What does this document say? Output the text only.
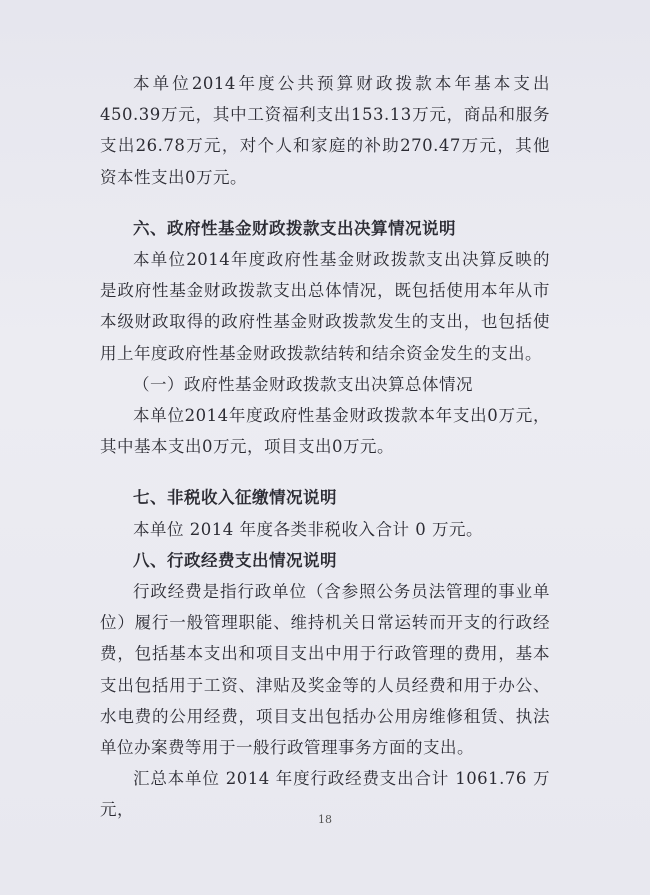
本单位2014年度公共预算财政拨款本年基本支出450.39万元，其中工资福利支出153.13万元，商品和服务支出26.78万元，对个人和家庭的补助270.47万元，其他资本性支出0万元。

六、政府性基金财政拨款支出决算情况说明

本单位2014年度政府性基金财政拨款支出决算反映的是政府性基金财政拨款支出总体情况，既包括使用本年从市本级财政取得的政府性基金财政拨款发生的支出，也包括使用上年度政府性基金财政拨款结转和结余资金发生的支出。

（一）政府性基金财政拨款支出决算总体情况

本单位2014年度政府性基金财政拨款本年支出0万元，其中基本支出0万元，项目支出0万元。

七、非税收入征缴情况说明

本单位 2014 年度各类非税收入合计 0 万元。

八、行政经费支出情况说明

行政经费是指行政单位（含参照公务员法管理的事业单位）履行一般管理职能、维持机关日常运转而开支的行政经费，包括基本支出和项目支出中用于行政管理的费用，基本支出包括用于工资、津贴及奖金等的人员经费和用于办公、水电费的公用经费，项目支出包括办公用房维修租赁、执法单位办案费等用于一般行政管理事务方面的支出。

汇总本单位 2014 年度行政经费支出合计 1061.76 万元，

18
